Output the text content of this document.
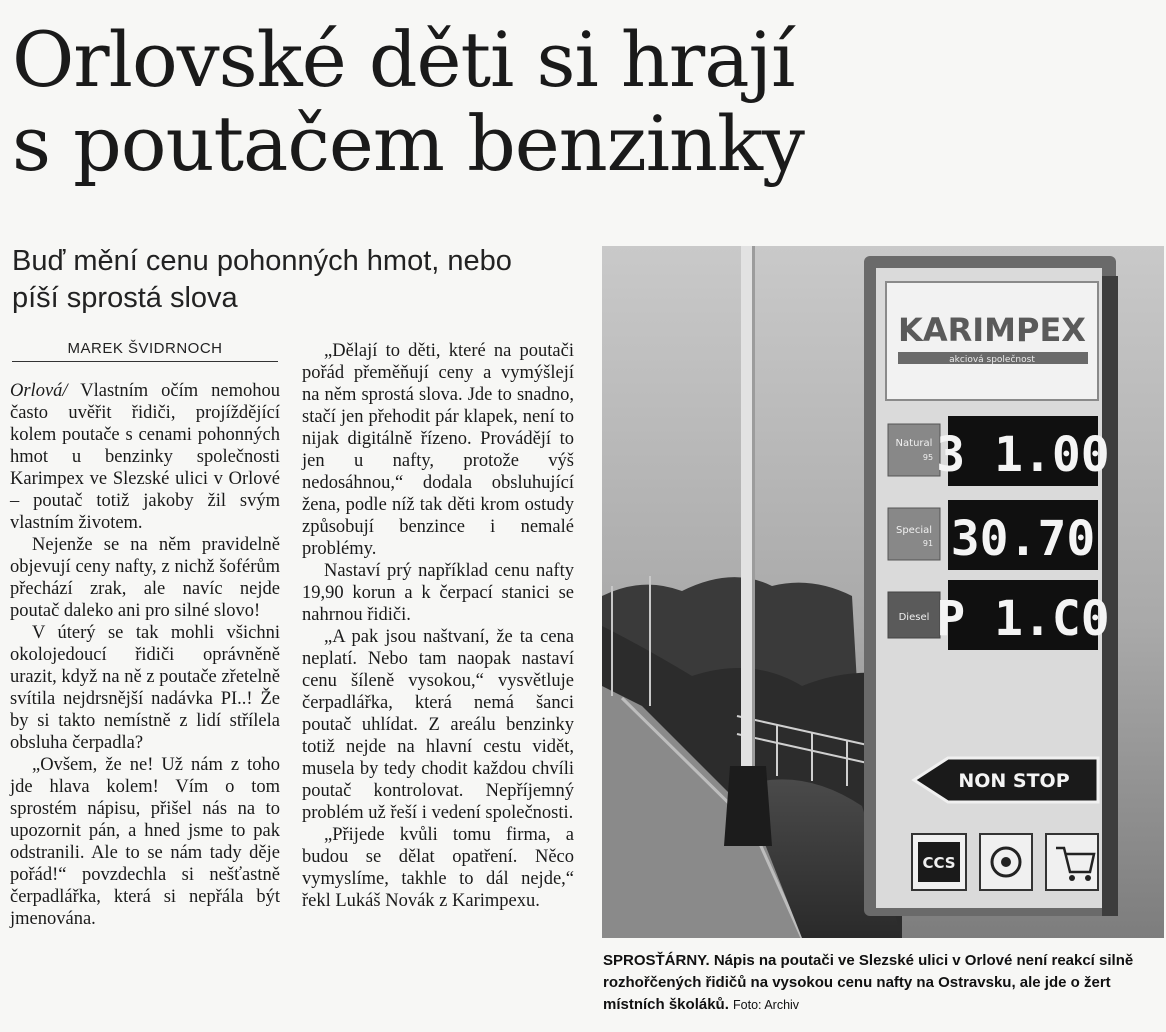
Orlovské děti si hrají
s poutačem benzinky
Buď mění cenu pohonných hmot, nebo
píší sprostá slova
MAREK ŠVIDRNOCH

Orlová/ Vlastním očím nemohou často uvěřit řidiči, projíždějící kolem poutače s cenami pohonných hmot u benzinky společnosti Karimpex ve Slezské ulici v Orlové – poutač totiž jakoby žil svým vlastním životem.

Nejenže se na něm pravidelně objevují ceny nafty, z nichž šoférům přechází zrak, ale navíc nejde poutač daleko ani pro silné slovo!

V úterý se tak mohli všichni okolojedoucí řidiči oprávněně urazit, když na ně z poutače zřetelně svítila nejdrsnější nadávka PI..! Že by si takto nemístně z lidí střílela obsluha čerpadla?

„Ovšem, že ne! Už nám z toho jde hlava kolem! Vím o tom sprostém nápisu, přišel nás na to upozornit pán, a hned jsme to pak odstranili. Ale to se nám tady děje pořád!“ povzdechla si nešťastně čerpadlářka, která si nepřála být jmenována.

„Dělají to děti, které na poutači pořád přeměňují ceny a vymýšlejí na něm sprostá slova. Jde to snadno, stačí jen přehodit pár klapek, není to nijak digitálně řízeno. Provádějí to jen u nafty, protože výš nedosáhnou,“ dodala obsluhující žena, podle níž tak děti krom ostudy způsobují benzince i nemalé problémy.

Nastaví prý například cenu nafty 19,90 korun a k čerpací stanici se nahrnou řidiči.

„A pak jsou naštvaní, že ta cena neplatí. Nebo tam naopak nastaví cenu šíleně vysokou,“ vysvětluje čerpadlářka, která nemá šanci poutač uhlídat. Z areálu benzinky totiž nejde na hlavní cestu vidět, musela by tedy chodit každou chvíli poutač kontrolovat. Nepříjemný problém už řeší i vedení společnosti.

„Přijede kvůli tomu firma, a budou se dělat opatření. Něco vymyslíme, takhle to dál nejde,“ řekl Lukáš Novák z Karimpexu.

KARIMPEX
akciová společnost
Natural
95 3 1.00
Special
91 30.70
Diesel P 1.C0
NON STOP
CCS

SPROSŤÁRNY. Nápis na poutači ve Slezské ulici v Orlové není reakcí silně rozhořčených řidičů na vysokou cenu nafty na Ostravsku, ale jde o žert místních školáků. Foto: Archiv
